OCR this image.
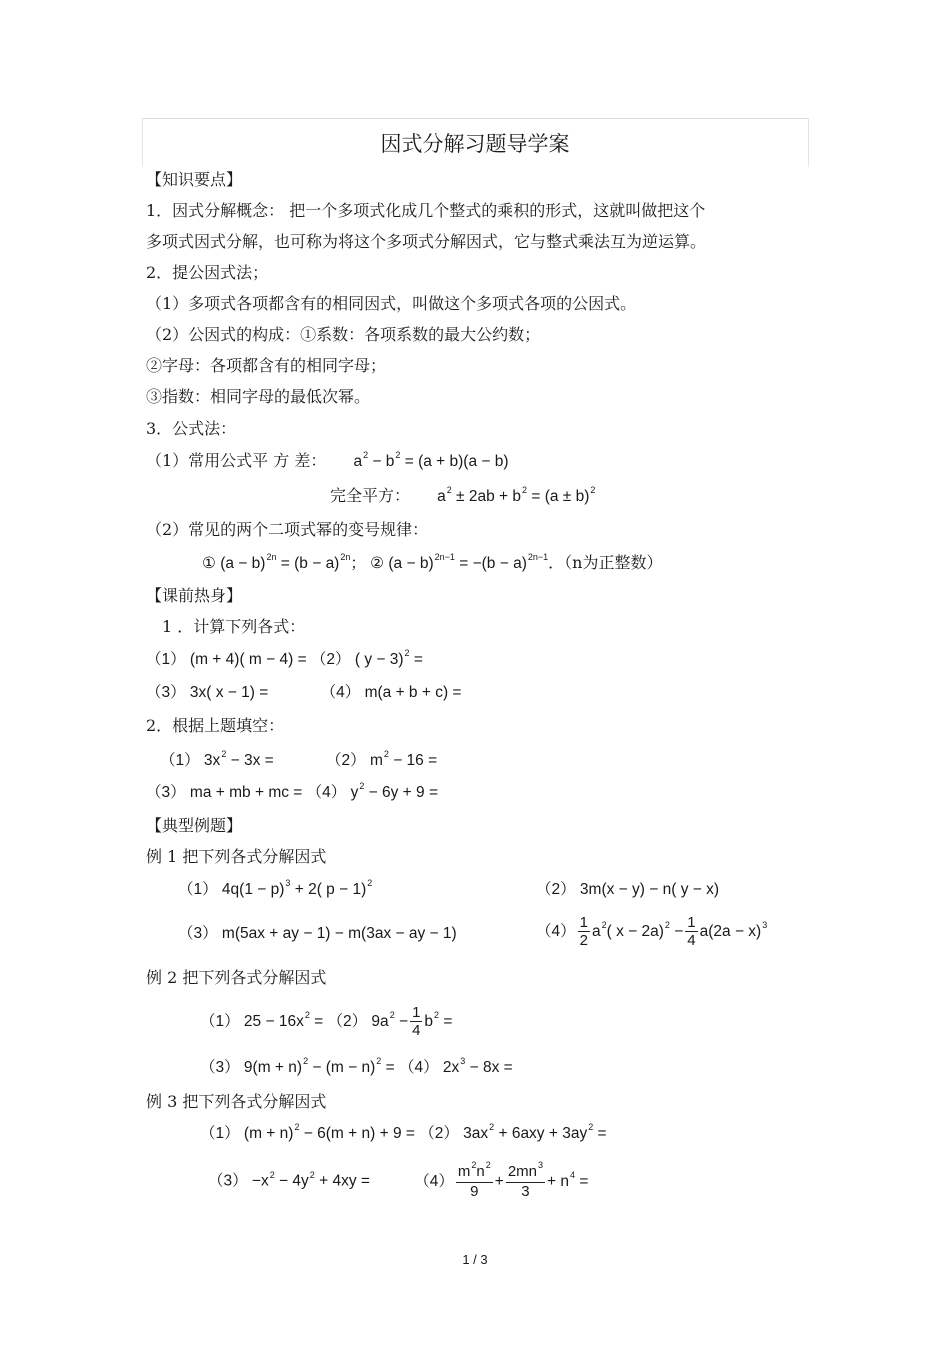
因式分解习题导学案
【知识要点】
1．因式分解概念： 把一个多项式化成几个整式的乘积的形式，这就叫做把这个
多项式因式分解，也可称为将这个多项式分解因式，它与整式乘法互为逆运算。
2．提公因式法；
（1）多项式各项都含有的相同因式，叫做这个多项式各项的公因式。
（2）公因式的构成：①系数：各项系数的最大公约数；
②字母：各项都含有的相同字母；
③指数：相同字母的最低次幂。
3．公式法：
（1）常用公式平 方 差： $a^2 - b^2 = (a + b)(a - b)$
完全平方： $a^2 \pm 2ab + b^2 = (a \pm b)^2$
（2）常见的两个二项式幂的变号规律：
① $(a - b)^{2n} = (b - a)^{2n}$； ② $(a - b)^{2n-1} = -(b - a)^{2n-1}$．（n为正整数）
【课前热身】
1 ．计算下列各式：
（1） (m + 4)( m − 4) = （2） ( y − 3)$^2$ =
（3） 3x( x − 1) =	（4） m(a + b + c) =
2．根据上题填空：
（1） $3x^2 - 3x$ =	（2） $m^2 - 16$ =
（3） ma + mb + mc = （4） $y^2 - 6y + 9$ =
【典型例题】
例 1 把下列各式分解因式
（1） $4q(1 - p)^3 + 2$( p − 1)$^2$	（2） 3m(x − y) − n( y − x)
（3） m(5ax + ay − 1) − m(3ax − ay − 1)	$(4) \frac{1}{2} a^2$( $x - 2a)^2 - \frac{1}{4} a(2a - x)^3$
例 2 把下列各式分解因式
（1） $25 - 16x^2 = (2) 9a^2 - \frac{1}{4} b^2$ =
（3） $9(m + n)^2 - (m - n)^2 = (4) 2x^3 - 8x$ =
例 3 把下列各式分解因式
（1） $(m + n)^2 - 6(m + n) + 9 = (2) 3ax^2 + 6axy + 3ay^2$ =
$(3) -x^2 - 4y^2 + 4xy$ =	$(4) \frac{m^2n^2}{9} + \frac{2mn^3}{3} + n^4$ =
1 / 3
